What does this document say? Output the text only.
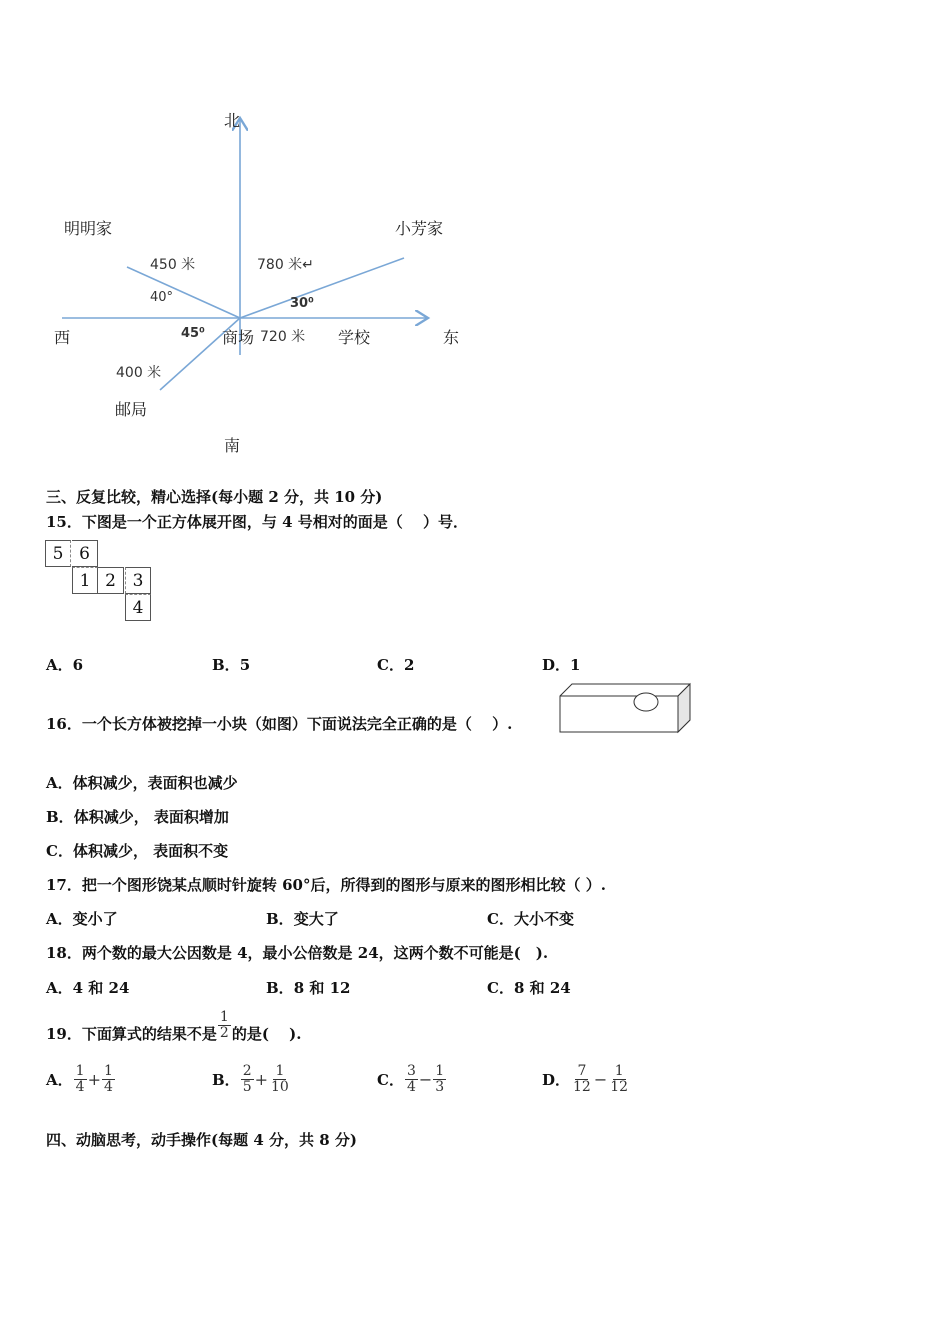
北
明明家	小芳家
450 米	780 米↵
40°	30⁰
西	45⁰ 商场 720 米 学校	东
400 米
邮局
南
三、反复比较，精心选择(每小题 2 分，共 10 分)
15．下图是一个正方体展开图，与 4 号相对的面是（　 ）号．
5 6
1 2 3
4
A．6	B．5	C．2	D．1
16．一个长方体被挖掉一小块（如图）下面说法完全正确的是（　 ）.
A．体积减少，表面积也减少
B．体积减少， 表面积增加
C．体积减少， 表面积不变
17．把一个图形饶某点顺时针旋转 60°后，所得到的图形与原来的图形相比较（ ）.
A．变小了	B．变大了	C．大小不变
18．两个数的最大公因数是 4，最小公倍数是 24，这两个数不可能是(　).
A．4 和 24	B．8 和 12	C．8 和 24
19．下面算式的结果不是 $\frac{1}{2}$ 的是(　 ).
A． $\frac{1}{4} + \frac{1}{4}$	B． $\frac{2}{5} + \frac{1}{10}$	C． $\frac{3}{4} - \frac{1}{3}$	D． $\frac{7}{12} - \frac{1}{12}$
四、动脑思考，动手操作(每题 4 分，共 8 分)
